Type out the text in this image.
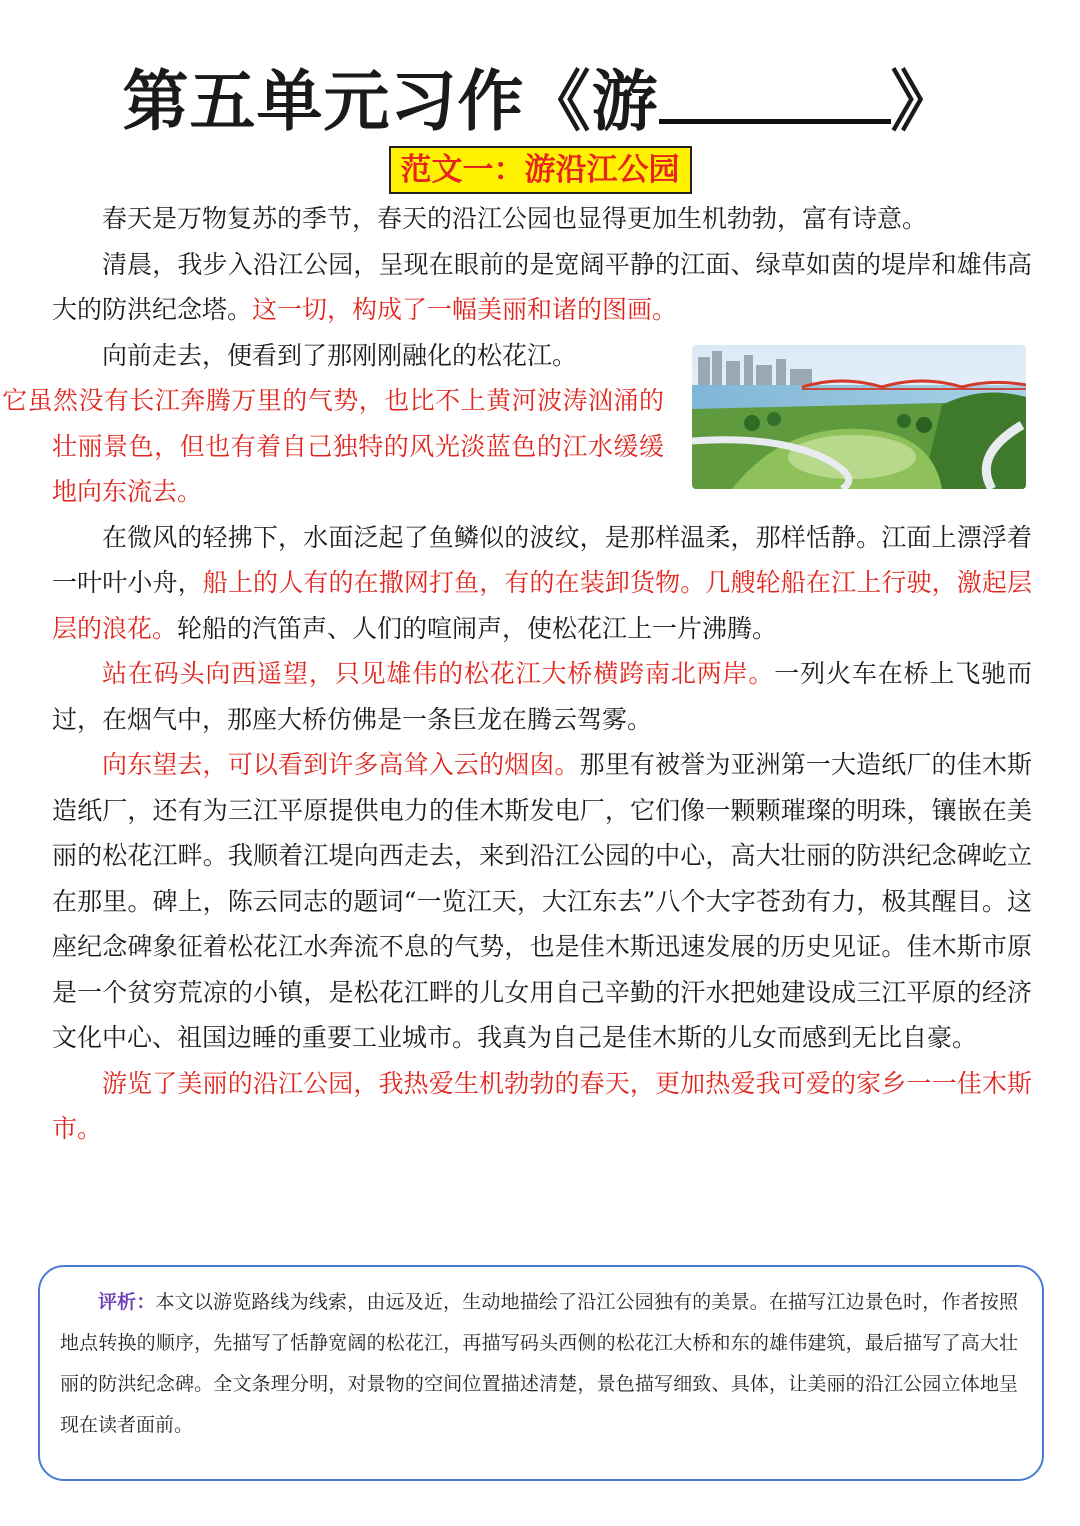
第五单元习作《游	》
范文一：游沿江公园

春天是万物复苏的季节，春天的沿江公园也显得更加生机勃勃，富有诗意。

清晨，我步入沿江公园，呈现在眼前的是宽阔平静的江面、绿草如茵的堤岸和雄伟高大的防洪纪念塔。这一切，构成了一幅美丽和诸的图画。

向前走去，便看到了那刚刚融化的松花江。
它虽然没有长江奔腾万里的气势，也比不上黄河波涛汹涌的壮丽景色，但也有着自己独特的风光淡蓝色的江水缓缓地向东流去。

在微风的轻拂下，水面泛起了鱼鳞似的波纹，是那样温柔，那样恬静。江面上漂浮着一叶叶小舟，船上的人有的在撒网打鱼，有的在装卸货物。几艘轮船在江上行驶，激起层层的浪花。轮船的汽笛声、人们的喧闹声，使松花江上一片沸腾。

站在码头向西遥望，只见雄伟的松花江大桥横跨南北两岸。一列火车在桥上飞驰而过，在烟气中，那座大桥仿佛是一条巨龙在腾云驾雾。

向东望去，可以看到许多高耸入云的烟囱。那里有被誉为亚洲第一大造纸厂的佳木斯造纸厂，还有为三江平原提供电力的佳木斯发电厂，它们像一颗颗璀璨的明珠，镶嵌在美丽的松花江畔。我顺着江堤向西走去，来到沿江公园的中心，高大壮丽的防洪纪念碑屹立在那里。碑上，陈云同志的题词“一览江天，大江东去”八个大字苍劲有力，极其醒目。这座纪念碑象征着松花江水奔流不息的气势，也是佳木斯迅速发展的历史见证。佳木斯市原是一个贫穷荒凉的小镇，是松花江畔的儿女用自己辛勤的汗水把她建设成三江平原的经济文化中心、祖国边睡的重要工业城市。我真为自己是佳木斯的儿女而感到无比自豪。

游览了美丽的沿江公园，我热爱生机勃勃的春天，更加热爱我可爱的家乡一一佳木斯市。

评析：本文以游览路线为线索，由远及近，生动地描绘了沿江公园独有的美景。在描写江边景色时，作者按照地点转换的顺序，先描写了恬静宽阔的松花江，再描写码头西侧的松花江大桥和东的雄伟建筑，最后描写了高大壮丽的防洪纪念碑。全文条理分明，对景物的空间位置描述清楚，景色描写细致、具体，让美丽的沿江公园立体地呈现在读者面前。
